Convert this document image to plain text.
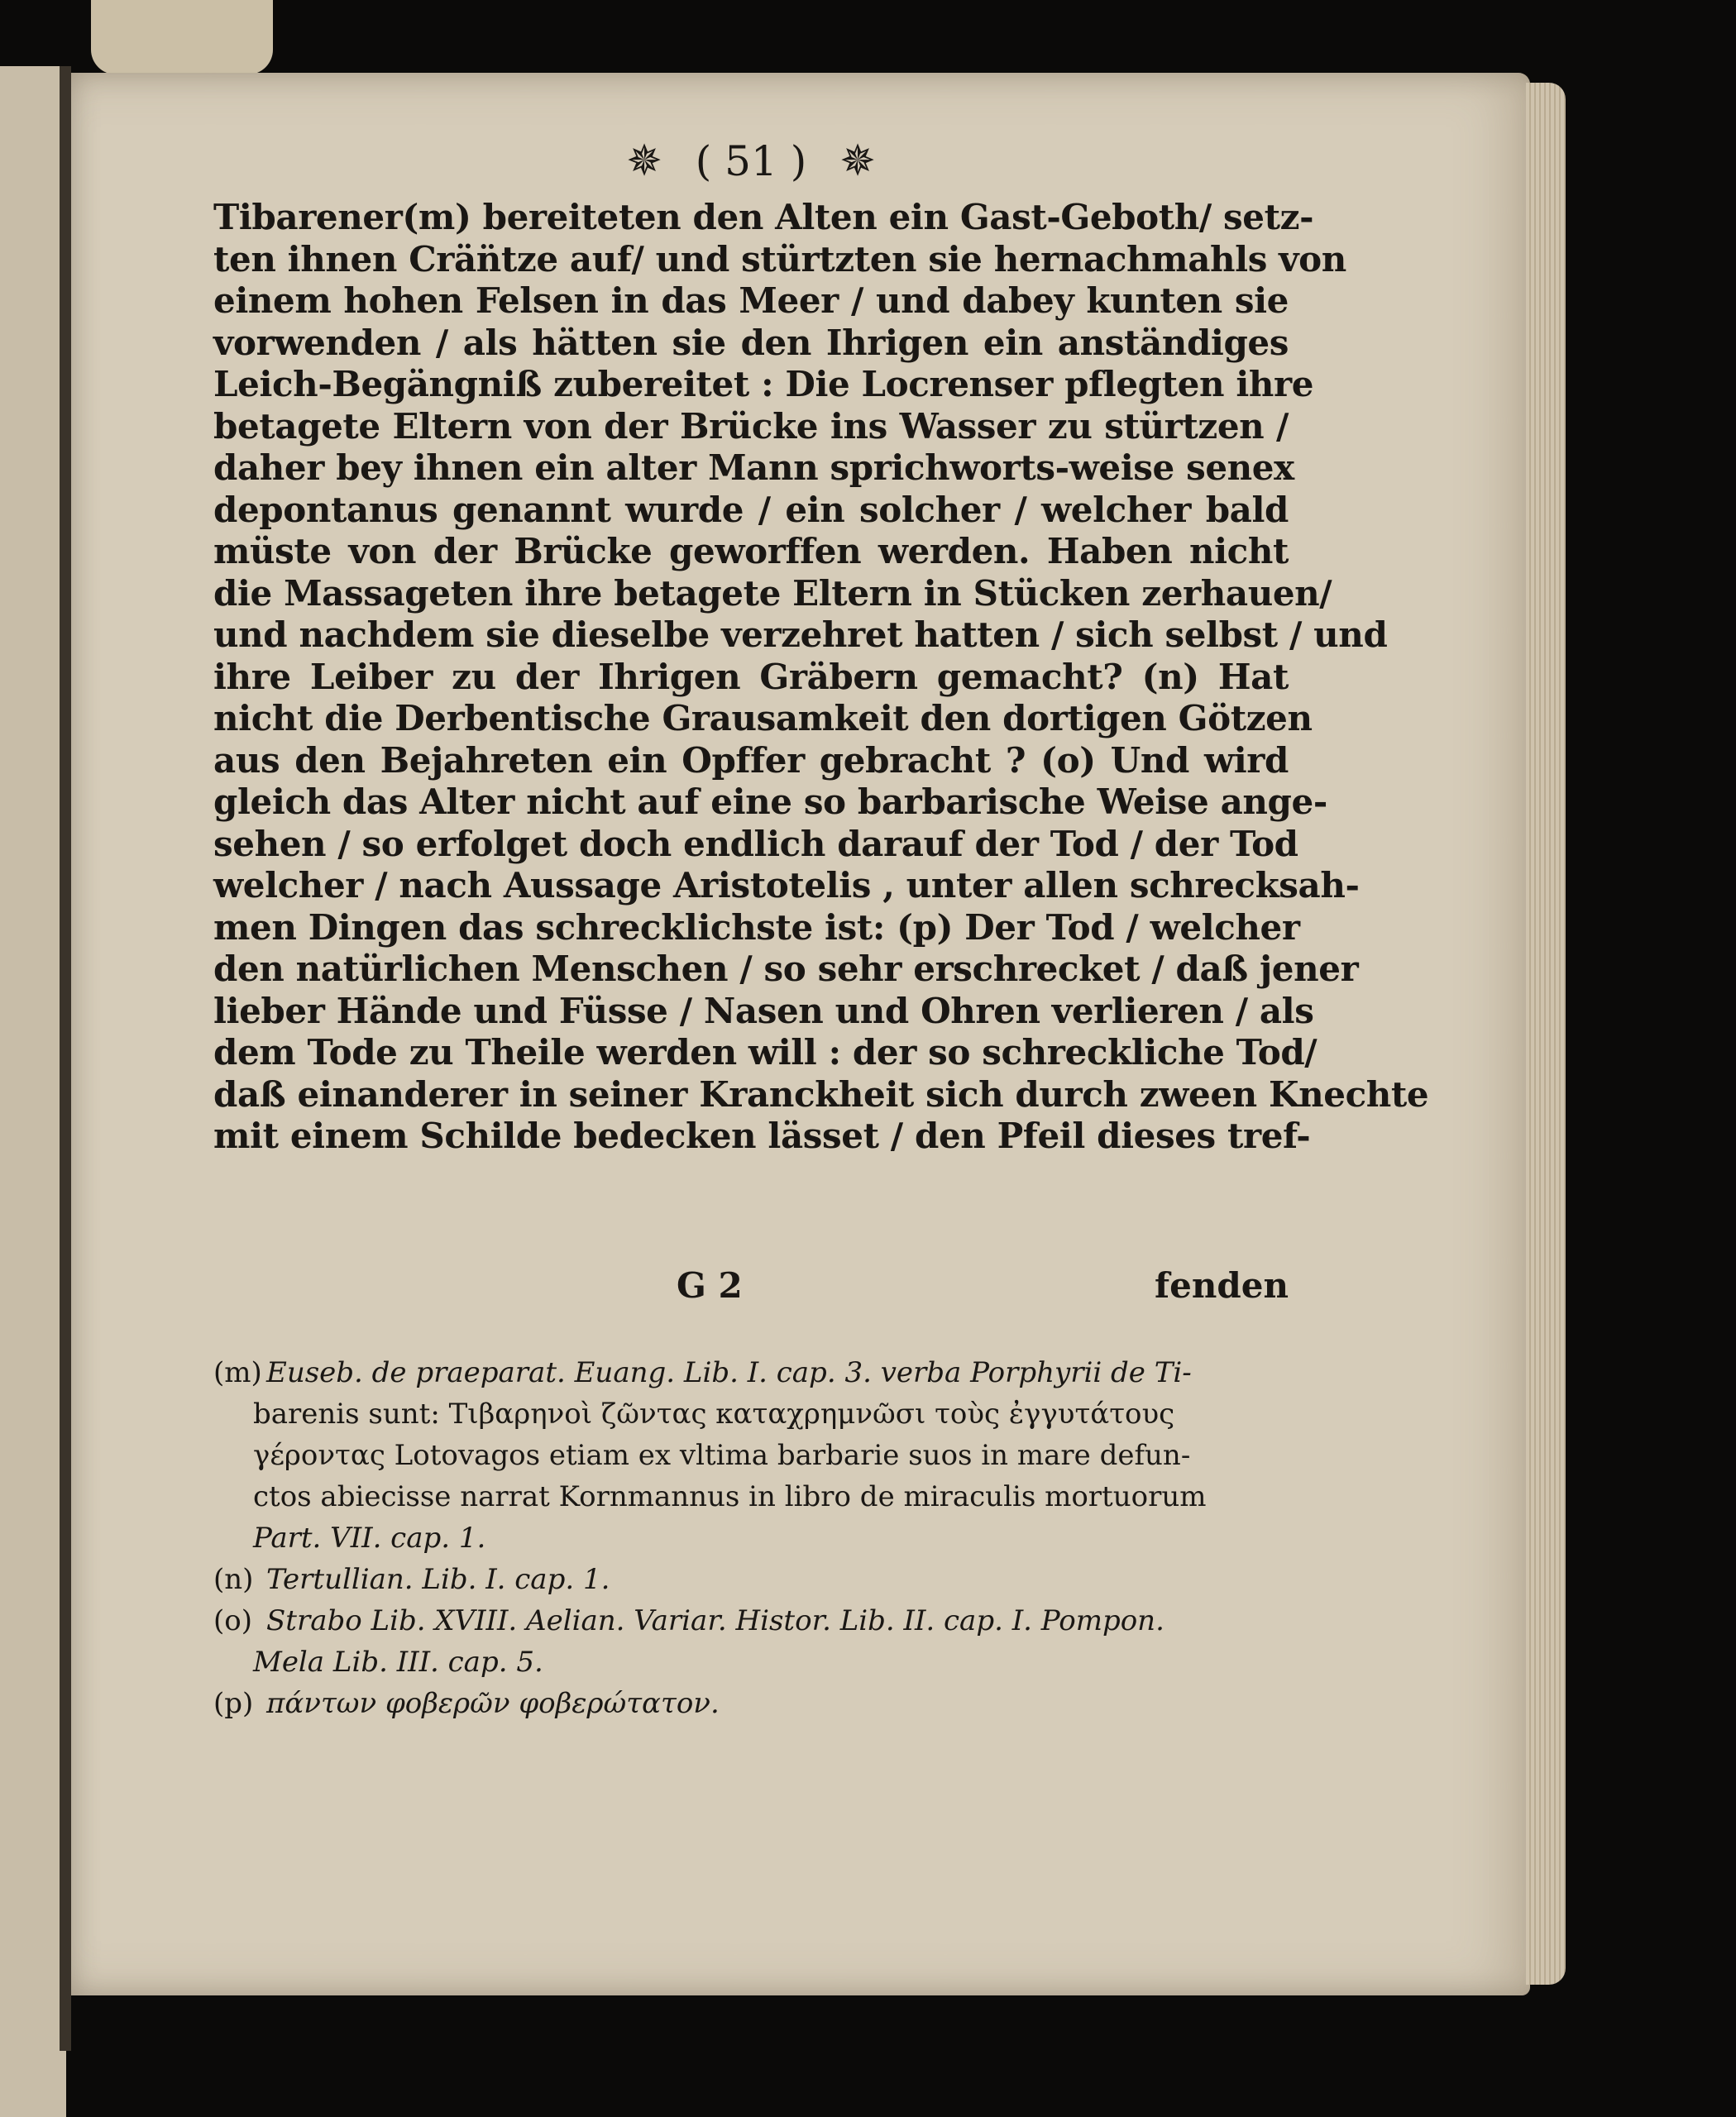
✵ ( 51 ) ✵
Tibarener(m) bereiteten den Alten ein Gast-Geboth/ setz-
ten ihnen Crän̈tze auf/ und stürtzten sie hernachmahls von
einem hohen Felsen in das Meer / und dabey kunten sie
vorwenden / als hätten sie den Ihrigen ein anständiges
Leich-Begängniß zubereitet : Die Locrenser pflegten ihre
betagete Eltern von der Brücke ins Wasser zu stürtzen /
daher bey ihnen ein alter Mann sprichworts-weise senex
depontanus genannt wurde / ein solcher / welcher bald
müste von der Brücke geworffen werden. Haben nicht
die Massageten ihre betagete Eltern in Stücken zerhauen/
und nachdem sie dieselbe verzehret hatten / sich selbst / und
ihre Leiber zu der Ihrigen Gräbern gemacht? (n) Hat
nicht die Derbentische Grausamkeit den dortigen Götzen
aus den Bejahreten ein Opffer gebracht ? (o) Und wird
gleich das Alter nicht auf eine so barbarische Weise ange-
sehen / so erfolget doch endlich darauf der Tod / der Tod
welcher / nach Aussage Aristotelis , unter allen schrecksah-
men Dingen das schrecklichste ist: (p) Der Tod / welcher
den natürlichen Menschen / so sehr erschrecket / daß jener
lieber Hände und Füsse / Nasen und Ohren verlieren / als
dem Tode zu Theile werden will : der so schreckliche Tod/
daß einanderer in seiner Kranckheit sich durch zween Knechte
mit einem Schilde bedecken lässet / den Pfeil dieses tref-
G 2	fenden
(m) Euseb. de praeparat. Euang. Lib. I. cap. 3. verba Porphyrii de Ti-
barenis sunt: Τιβαρηνοὶ ζῶντας καταχρημνῶσι τοὺς ἐγγυτάτους
γέροντας Lotovagos etiam ex vltima barbarie suos in mare defun-
ctos abiecisse narrat Kornmannus in libro de miraculis mortuorum
Part. VII. cap. 1.
(n) Tertullian. Lib. I. cap. 1.
(o) Strabo Lib. XVIII. Aelian. Variar. Histor. Lib. II. cap. I. Pompon.
Mela Lib. III. cap. 5.
(p) πάντων φοβερῶν φοβερώτατον.
